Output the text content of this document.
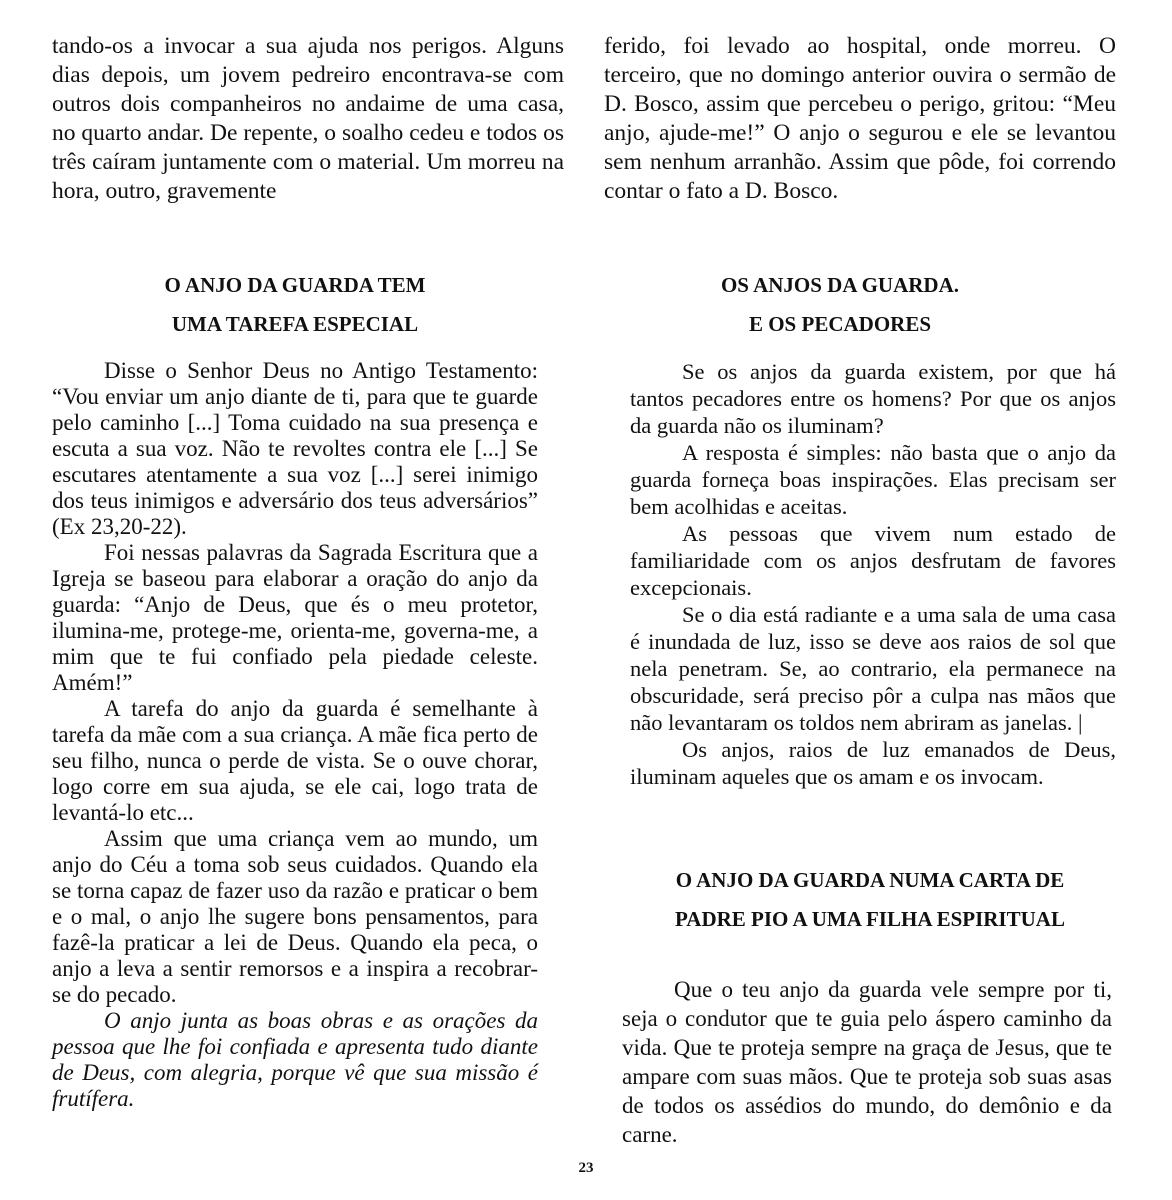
tando-os a invocar a sua ajuda nos perigos. Alguns dias depois, um jovem pedreiro encontrava-se com outros dois companheiros no andaime de uma casa, no quarto andar. De repente, o soalho cedeu e todos os três caíram juntamente com o material. Um morreu na hora, outro, gravemente

O ANJO DA GUARDA TEM
UMA TAREFA ESPECIAL

Disse o Senhor Deus no Antigo Testamento: “Vou enviar um anjo diante de ti, para que te guarde pelo caminho [...] Toma cuidado na sua presença e escuta a sua voz. Não te revoltes contra ele [...] Se escutares atentamente a sua voz [...] serei inimigo dos teus inimigos e adversário dos teus adversários” (Ex 23,20-22).

Foi nessas palavras da Sagrada Escritura que a Igreja se baseou para elaborar a oração do anjo da guarda: “Anjo de Deus, que és o meu protetor, ilumina-me, protege-me, orienta-me, governa-me, a mim que te fui confiado pela piedade celeste. Amém!”

A tarefa do anjo da guarda é semelhante à tarefa da mãe com a sua criança. A mãe fica perto de seu filho, nunca o perde de vista. Se o ouve chorar, logo corre em sua ajuda, se ele cai, logo trata de levantá-lo etc...

Assim que uma criança vem ao mundo, um anjo do Céu a toma sob seus cuidados. Quando ela se torna capaz de fazer uso da razão e praticar o bem e o mal, o anjo lhe sugere bons pensamentos, para fazê-la praticar a lei de Deus. Quando ela peca, o anjo a leva a sentir remorsos e a inspira a recobrar-se do pecado.

O anjo junta as boas obras e as orações da pessoa que lhe foi confiada e apresenta tudo diante de Deus, com alegria, porque vê que sua missão é frutífera.

ferido, foi levado ao hospital, onde morreu. O terceiro, que no domingo anterior ouvira o sermão de D. Bosco, assim que percebeu o perigo, gritou: “Meu anjo, ajude-me!” O anjo o segurou e ele se levantou sem nenhum arranhão. Assim que pôde, foi correndo contar o fato a D. Bosco.

OS ANJOS DA GUARDA.
E OS PECADORES

Se os anjos da guarda existem, por que há tantos pecadores entre os homens? Por que os anjos da guarda não os iluminam?

A resposta é simples: não basta que o anjo da guarda forneça boas inspirações. Elas precisam ser bem acolhidas e aceitas.

As pessoas que vivem num estado de familiaridade com os anjos desfrutam de favores excepcionais.

Se o dia está radiante e a uma sala de uma casa é inundada de luz, isso se deve aos raios de sol que nela penetram. Se, ao contrario, ela permanece na obscuridade, será preciso pôr a culpa nas mãos que não levantaram os toldos nem abriram as janelas. |

Os anjos, raios de luz emanados de Deus, iluminam aqueles que os amam e os invocam.

O ANJO DA GUARDA NUMA CARTA DE
PADRE PIO A UMA FILHA ESPIRITUAL

Que o teu anjo da guarda vele sempre por ti, seja o condutor que te guia pelo áspero caminho da vida. Que te proteja sempre na graça de Jesus, que te ampare com suas mãos. Que te proteja sob suas asas de todos os assédios do mundo, do demônio e da carne.

23
